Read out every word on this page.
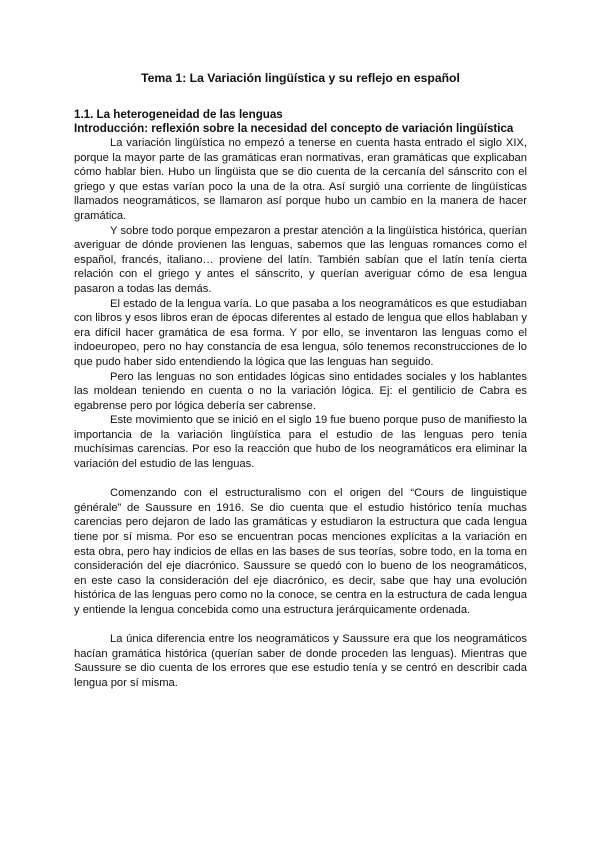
Tema 1: La Variación lingüística y su reflejo en español
1.1. La heterogeneidad de las lenguas
Introducción: reflexión sobre la necesidad del concepto de variación lingüística

La variación lingüística no empezó a tenerse en cuenta hasta entrado el siglo XIX, porque la mayor parte de las gramáticas eran normativas, eran gramáticas que explicaban cómo hablar bien. Hubo un lingüista que se dio cuenta de la cercanía del sánscrito con el griego y que estas varían poco la una de la otra. Así surgió una corriente de lingüísticas llamados neogramáticos, se llamaron así porque hubo un cambio en la manera de hacer gramática.

Y sobre todo porque empezaron a prestar atención a la lingüística histórica, querían averiguar de dónde provienen las lenguas, sabemos que las lenguas romances como el español, francés, italiano… proviene del latín. También sabían que el latín tenía cierta relación con el griego y antes el sánscrito, y querían averiguar cómo de esa lengua pasaron a todas las demás.

El estado de la lengua varía. Lo que pasaba a los neogramáticos es que estudiaban con libros y esos libros eran de épocas diferentes al estado de lengua que ellos hablaban y era difícil hacer gramática de esa forma. Y por ello, se inventaron las lenguas como el indoeuropeo, pero no hay constancia de esa lengua, sólo tenemos reconstrucciones de lo que pudo haber sido entendiendo la lógica que las lenguas han seguido.

Pero las lenguas no son entidades lógicas sino entidades sociales y los hablantes las moldean teniendo en cuenta o no la variación lógica. Ej: el gentilicio de Cabra es egabrense pero por lógica debería ser cabrense.

Este movimiento que se inició en el siglo 19 fue bueno porque puso de manifiesto la importancia de la variación lingüística para el estudio de las lenguas pero tenía muchísimas carencias. Por eso la reacción que hubo de los neogramáticos era eliminar la variación del estudio de las lenguas.

Comenzando con el estructuralismo con el origen del “Cours de linguistique générale” de Saussure en 1916. Se dio cuenta que el estudio histórico tenía muchas carencias pero dejaron de lado las gramáticas y estudiaron la estructura que cada lengua tiene por sí misma. Por eso se encuentran pocas menciones explícitas a la variación en esta obra, pero hay indicios de ellas en las bases de sus teorías, sobre todo, en la toma en consideración del eje diacrónico. Saussure se quedó con lo bueno de los neogramáticos, en este caso la consideración del eje diacrónico, es decir, sabe que hay una evolución histórica de las lenguas pero como no la conoce, se centra en la estructura de cada lengua y entiende la lengua concebida como una estructura jerárquicamente ordenada.

La única diferencia entre los neogramáticos y Saussure era que los neogramáticos hacían gramática histórica (querían saber de donde proceden las lenguas). Mientras que Saussure se dio cuenta de los errores que ese estudio tenía y se centró en describir cada lengua por sí misma.
